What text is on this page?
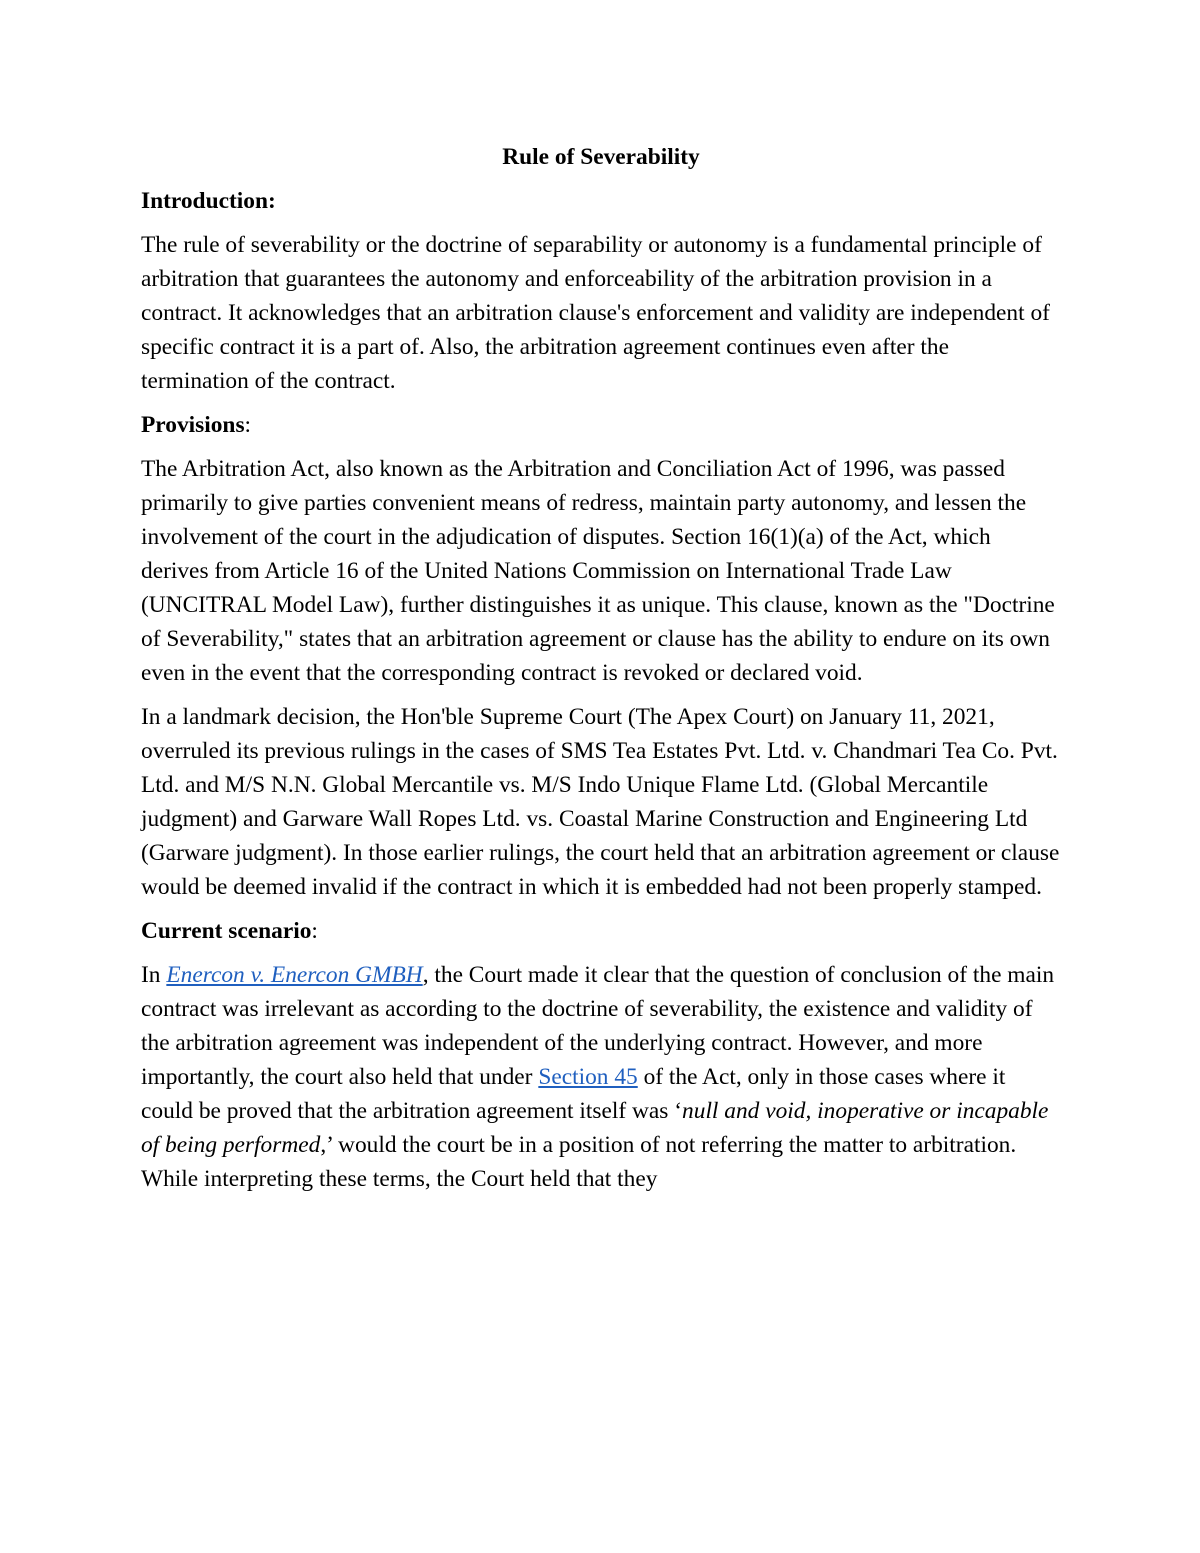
Rule of Severability
Introduction:

The rule of severability or the doctrine of separability or autonomy is a fundamental principle of arbitration that guarantees the autonomy and enforceability of the arbitration provision in a contract. It acknowledges that an arbitration clause's enforcement and validity are independent of specific contract it is a part of. Also, the arbitration agreement continues even after the termination of the contract.

Provisions:

The Arbitration Act, also known as the Arbitration and Conciliation Act of 1996, was passed primarily to give parties convenient means of redress, maintain party autonomy, and lessen the involvement of the court in the adjudication of disputes. Section 16(1)(a) of the Act, which derives from Article 16 of the United Nations Commission on International Trade Law (UNCITRAL Model Law), further distinguishes it as unique. This clause, known as the "Doctrine of Severability," states that an arbitration agreement or clause has the ability to endure on its own even in the event that the corresponding contract is revoked or declared void.

In a landmark decision, the Hon'ble Supreme Court (The Apex Court) on January 11, 2021, overruled its previous rulings in the cases of SMS Tea Estates Pvt. Ltd. v. Chandmari Tea Co. Pvt. Ltd. and M/S N.N. Global Mercantile vs. M/S Indo Unique Flame Ltd. (Global Mercantile judgment) and Garware Wall Ropes Ltd. vs. Coastal Marine Construction and Engineering Ltd (Garware judgment). In those earlier rulings, the court held that an arbitration agreement or clause would be deemed invalid if the contract in which it is embedded had not been properly stamped.

Current scenario:

In Enercon v. Enercon GMBH, the Court made it clear that the question of conclusion of the main contract was irrelevant as according to the doctrine of severability, the existence and validity of the arbitration agreement was independent of the underlying contract. However, and more importantly, the court also held that under Section 45 of the Act, only in those cases where it could be proved that the arbitration agreement itself was ‘null and void, inoperative or incapable of being performed,’ would the court be in a position of not referring the matter to arbitration. While interpreting these terms, the Court held that they
